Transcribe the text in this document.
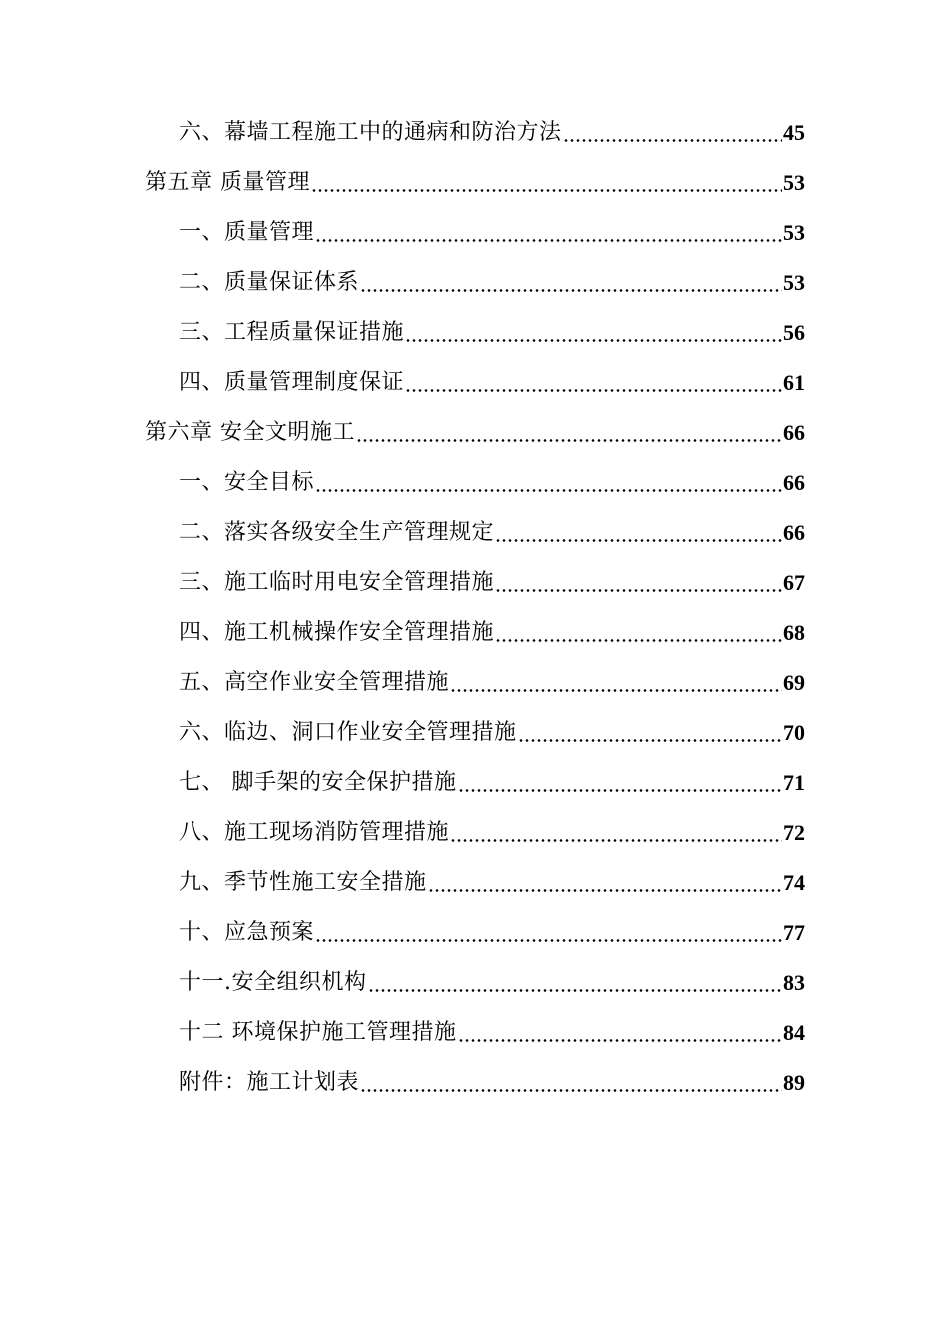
六、幕墙工程施工中的通病和防治方法	45
第五章 质量管理	53
一、质量管理	53
二、质量保证体系	53
三、工程质量保证措施	56
四、质量管理制度保证	61
第六章 安全文明施工	66
一、安全目标	66
二、落实各级安全生产管理规定	66
三、施工临时用电安全管理措施	67
四、施工机械操作安全管理措施	68
五、高空作业安全管理措施	69
六、临边、洞口作业安全管理措施	70
七、 脚手架的安全保护措施	71
八、施工现场消防管理措施	72
九、季节性施工安全措施	74
十、应急预案	77
十一.安全组织机构	83
十二 环境保护施工管理措施	84
附件：施工计划表	89
